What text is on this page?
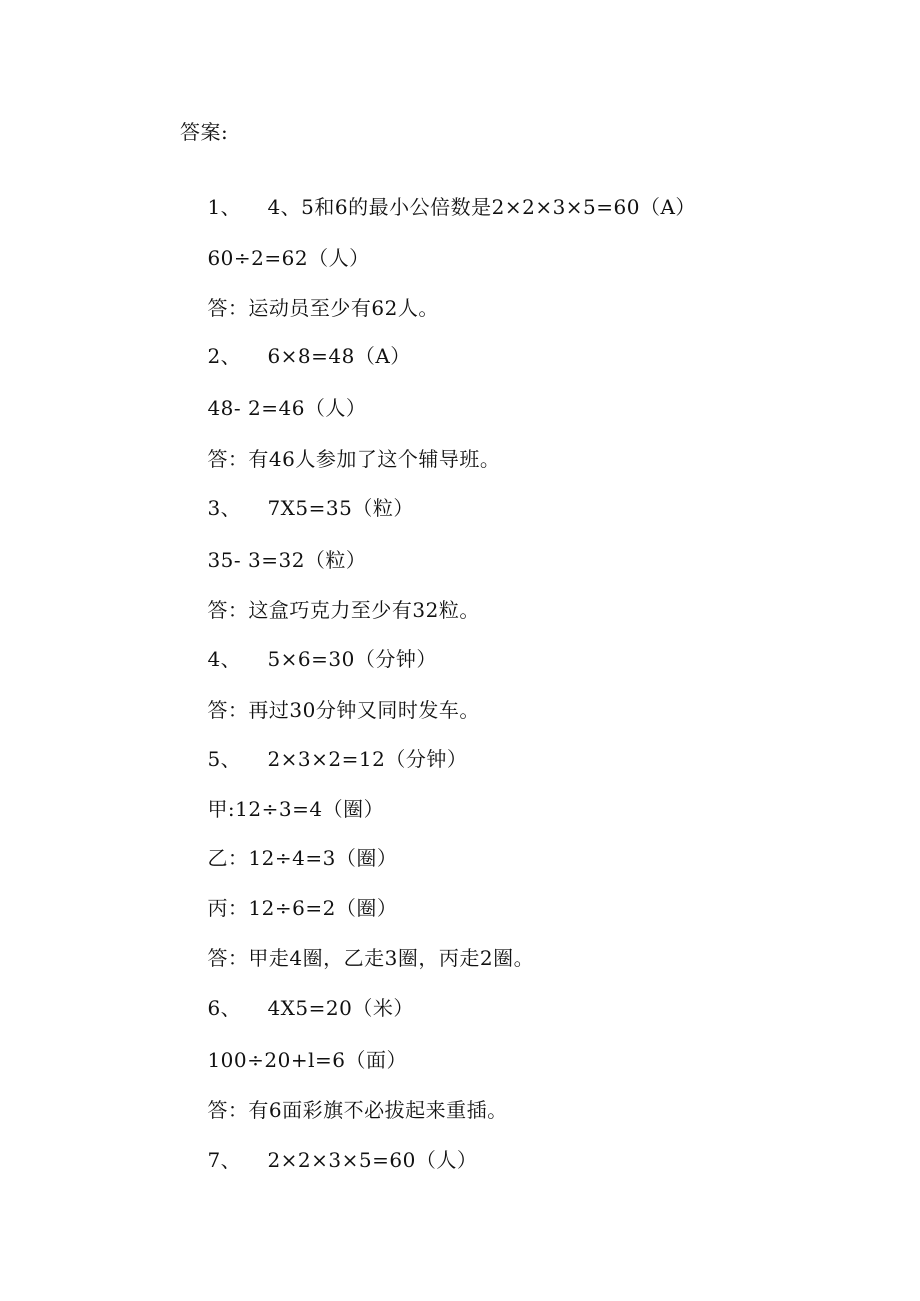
答案:

1、 4、5和6的最小公倍数是2×2×3×5=60（A）

60÷2=62（人）

答：运动员至少有62人。

2、 6×8=48（A）

48- 2=46（人）

答：有46人参加了这个辅导班。

3、 7X5=35（粒）

35- 3=32（粒）

答：这盒巧克力至少有32粒。

4、 5×6=30（分钟）

答：再过30分钟又同时发车。

5、 2×3×2=12（分钟）

甲:12÷3=4（圈）

乙：12÷4=3（圈）

丙：12÷6=2（圈）

答：甲走4圈，乙走3圈，丙走2圈。

6、 4X5=20（米）

100÷20+l=6（面）

答：有6面彩旗不必拔起来重插。

7、 2×2×3×5=60（人）
